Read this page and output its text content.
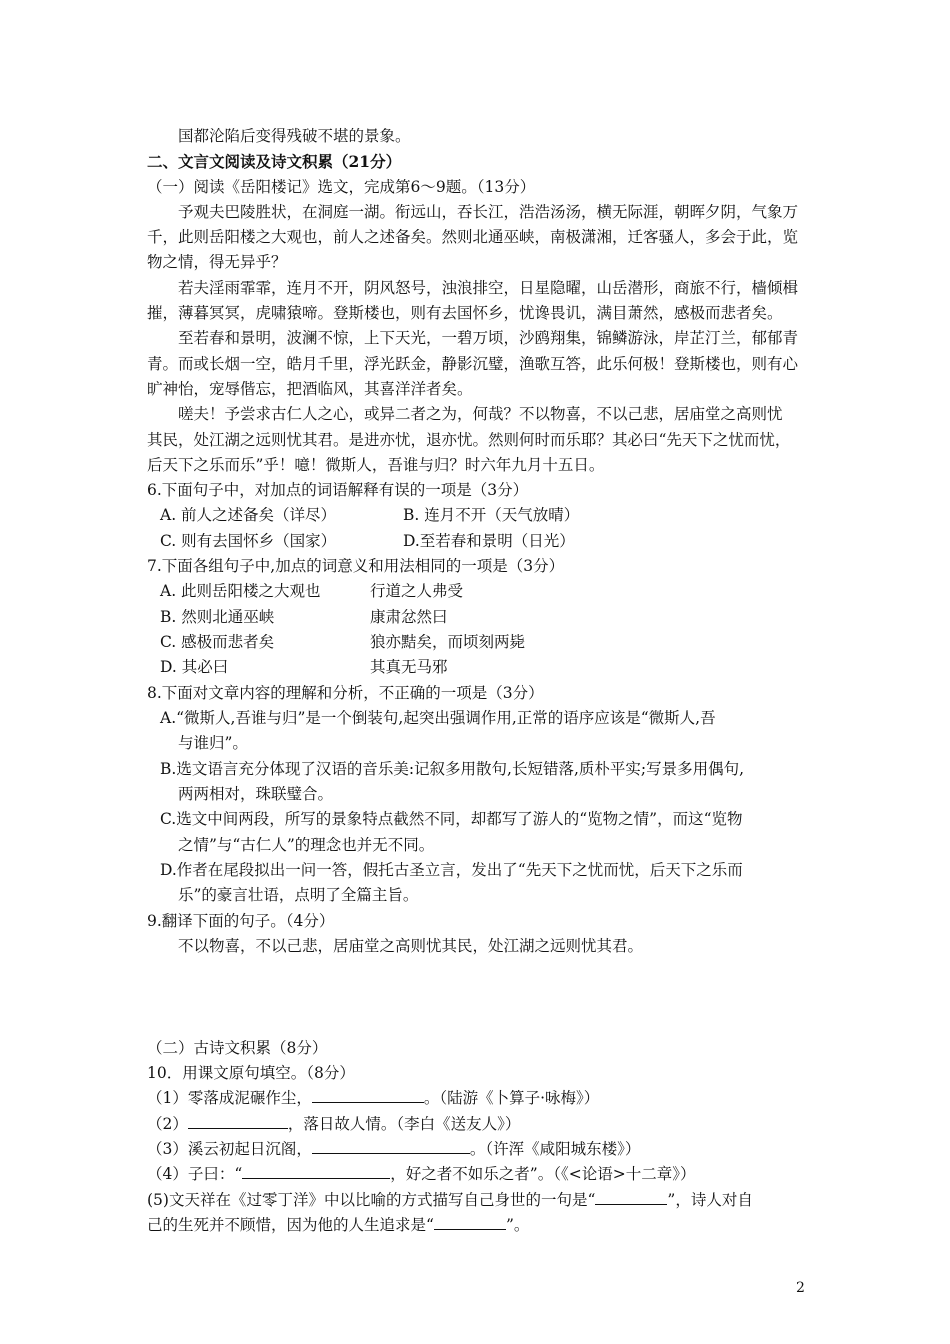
国都沦陷后变得残破不堪的景象。
二、文言文阅读及诗文积累（21分）
（一）阅读《岳阳楼记》选文，完成第6～9题。（13分）
予观夫巴陵胜状，在洞庭一湖。衔远山，吞长江，浩浩汤汤，横无际涯，朝晖夕阴，气象万
千，此则岳阳楼之大观也，前人之述备矣。然则北通巫峡，南极潇湘，迁客骚人，多会于此，览
物之情，得无异乎？
若夫淫雨霏霏，连月不开，阴风怒号，浊浪排空，日星隐曜，山岳潜形，商旅不行，樯倾楫
摧，薄暮冥冥，虎啸猿啼。登斯楼也，则有去国怀乡，忧谗畏讥，满目萧然，感极而悲者矣。
至若春和景明，波澜不惊，上下天光，一碧万顷，沙鸥翔集，锦鳞游泳，岸芷汀兰，郁郁青
青。而或长烟一空，皓月千里，浮光跃金，静影沉璧，渔歌互答，此乐何极！登斯楼也，则有心
旷神怡，宠辱偕忘，把酒临风，其喜洋洋者矣。
嗟夫！予尝求古仁人之心，或异二者之为，何哉？不以物喜，不以己悲，居庙堂之高则忧
其民，处江湖之远则忧其君。是进亦忧，退亦忧。然则何时而乐耶？其必曰“先天下之忧而忧，
后天下之乐而乐”乎！噫！微斯人，吾谁与归？时六年九月十五日。
6.下面句子中，对加点的词语解释有误的一项是（3分）
A. 前人之述备矣（详尽）	B. 连月不开（天气放晴）
C. 则有去国怀乡（国家）	D.至若春和景明（日光）
7.下面各组句子中,加点的词意义和用法相同的一项是（3分）
A. 此则岳阳楼之大观也	行道之人弗受
B. 然则北通巫峡	康肃忿然曰
C. 感极而悲者矣	狼亦黠矣，而顷刻两毙
D. 其必曰	其真无马邪
8.下面对文章内容的理解和分析，不正确的一项是（3分）
A.“微斯人,吾谁与归”是一个倒装句,起突出强调作用,正常的语序应该是“微斯人,吾
与谁归”。
B.选文语言充分体现了汉语的音乐美:记叙多用散句,长短错落,质朴平实;写景多用偶句,
两两相对，珠联璧合。
C.选文中间两段，所写的景象特点截然不同，却都写了游人的“览物之情”，而这“览物
之情”与“古仁人”的理念也并无不同。
D.作者在尾段拟出一问一答，假托古圣立言，发出了“先天下之忧而忧，后天下之乐而
乐”的豪言壮语，点明了全篇主旨。
9.翻译下面的句子。（4分）
不以物喜，不以己悲，居庙堂之高则忧其民，处江湖之远则忧其君。
（二）古诗文积累（8分）
10．用课文原句填空。（8分）
（1）零落成泥碾作尘，	。（陆游《卜算子·咏梅》）
（2）	，落日故人情。（李白《送友人》）
（3）溪云初起日沉阁，	。（许浑《咸阳城东楼》）
（4）子曰：“	，好之者不如乐之者”。（《<论语>十二章》）
(5)文天祥在《过零丁洋》中以比喻的方式描写自己身世的一句是“	”，诗人对自
己的生死并不顾惜，因为他的人生追求是“	”。
2
